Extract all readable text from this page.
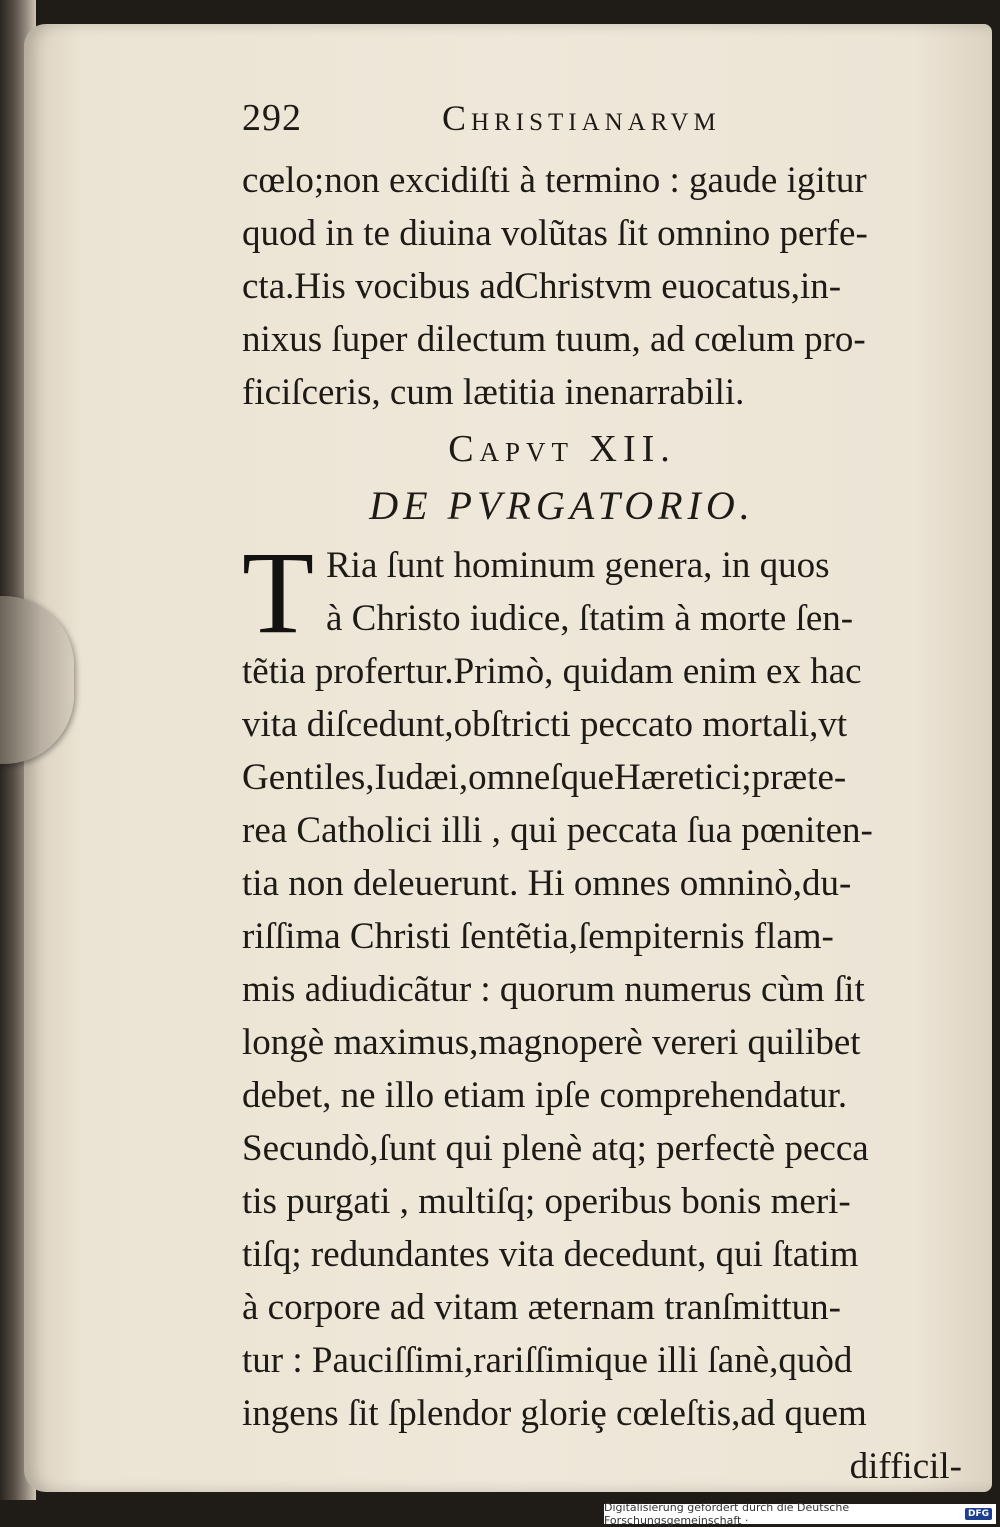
292	Christianarvm
cœlo;non excidiſti à termino : gaude igitur
quod in te diuina volũtas ſit omnino perfe-
cta.His vocibus adChristvm euocatus,in-
nixus ſuper dilectum tuum, ad cœlum pro-
ficiſceris, cum lætitia inenarrabili.
Capvt XII.
DE PVRGATORIO.
T Ria ſunt hominum genera, in quos
à Christo iudice, ſtatim à morte ſen-
tẽtia profertur.Primò, quidam enim ex hac
vita diſcedunt,obſtricti peccato mortali,vt
Gentiles,Iudæi,omneſqueHæretici;præte-
rea Catholici illi , qui peccata ſua pœniten-
tia non deleuerunt. Hi omnes omninò,du-
riſſima Christi ſentẽtia,ſempiternis flam-
mis adiudicãtur : quorum numerus cùm ſit
longè maximus,magnoperè vereri quilibet
debet, ne illo etiam ipſe comprehendatur.
Secundò,ſunt qui plenè atq; perfectè pecca
tis purgati , multiſq; operibus bonis meri-
tiſq; redundantes vita decedunt, qui ſtatim
à corpore ad vitam æternam tranſmittun-
tur : Pauciſſimi,rariſſimique illi ſanè,quòd
ingens ſit ſplendor gloriȩ cœleſtis,ad quem
difficil-
Digitalisierung gefördert durch die Deutsche Forschungsgemeinschaft ·	DFG
